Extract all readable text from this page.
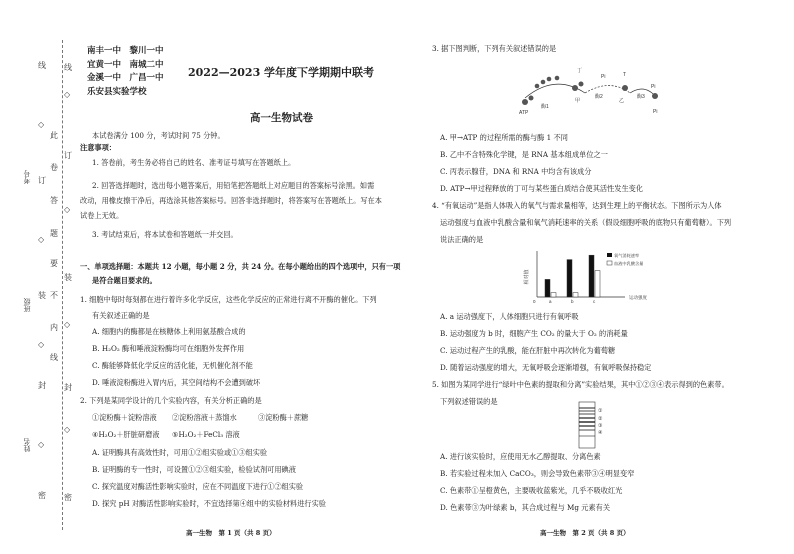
考号
班级
姓名
线
订
装
封
密
◇
◇
◇
◇
◇
◇
◇
◇
线
订
装
封
密
此
卷
答
题
要
不
内
线
南丰一中　黎川一中
宜黄一中　南城二中
金溪一中　广昌一中
乐安县实验学校
2022—2023 学年度下学期期中联考
高一生物试卷
本试卷满分 100 分，考试时间 75 分钟。
注意事项：
1. 答卷前，考生务必将自己的姓名、准考证号填写在答题纸上。
2. 回答选择题时，选出每小题答案后，用铅笔把答题纸上对应题目的答案标号涂黑。如需
改动，用橡皮擦干净后，再选涂其他答案标号。回答非选择题时，将答案写在答题纸上。写在本
试卷上无效。
3. 考试结束后，将本试卷和答题纸一并交回。
一、单项选择题：本题共 12 小题，每小题 2 分，共 24 分。在每小题给出的四个选项中，只有一项
是符合题目要求的。
1. 细胞中每时每刻都在进行着许多化学反应，这些化学反应的正常进行离不开酶的催化。下列
有关叙述正确的是
A. 细胞内的酶都是在核糖体上利用氨基酸合成的
B. H₂O₂ 酶和唾液淀粉酶均可在细胞外发挥作用
C. 酶能够降低化学反应的活化能，无机催化剂不能
D. 唾液淀粉酶进入胃内后，其空间结构不会遭到破坏
2. 下列是某同学设计的几个实验内容，有关分析正确的是
①淀粉酶＋淀粉溶液 ②淀粉溶液＋蒸馏水	③淀粉酶＋蔗糖
④H₂O₂＋肝脏研磨液 ⑤H₂O₂＋FeCl₃ 溶液
A. 证明酶具有高效性时，可用①②组实验或①③组实验
B. 证明酶的专一性时，可设置①②③组实验，检验试剂可用碘液
C. 探究温度对酶活性影响实验时，应在不同温度下进行①②组实验
D. 探究 pH 对酶活性影响实验时，不宜选择第④组中的实验材料进行实验
高一生物　第 1 页（共 8 页）
3. 据下图判断，下列有关叙述错误的是
ATP
酶1
甲
酶2
乙
酶3
丁
T
Pi
Pi
Pi
A. 甲→ATP 的过程所需的酶与酶 1 不同
B. 乙中不含特殊化学键，是 RNA 基本组成单位之一
C. 丙表示腺苷，DNA 和 RNA 中均含有该成分
D. ATP→甲过程释放的丁可与某些蛋白质结合使其活性发生变化
4. “有氧运动”是指人体吸入的氧气与需求量相等，达到生理上的平衡状态。下图所示为人体
运动强度与血液中乳酸含量和氧气消耗速率的关系（假设细胞呼吸的底物只有葡萄糖）。下列
说法正确的是
相对值
运动强度
a	b	c
0
氧气消耗速率
血液中乳酸含量
A. a 运动强度下，人体细胞只进行有氧呼吸
B. 运动强度为 b 时，细胞产生 CO₂ 的量大于 O₂ 的消耗量
C. 运动过程产生的乳酸，能在肝脏中再次转化为葡萄糖
D. 随着运动强度的增大，无氧呼吸会逐渐增强，有氧呼吸保持稳定
5. 如图为某同学进行“绿叶中色素的提取和分离”实验结果，其中①②③④表示得到的色素带。
下列叙述错误的是
①
②
③
④
A. 进行该实验时，应使用无水乙醇提取、分离色素
B. 若实验过程未加入 CaCO₃，则会导致色素带③④明显变窄
C. 色素带①呈橙黄色，主要吸收蓝紫光，几乎不吸收红光
D. 色素带③为叶绿素 b，其合成过程与 Mg 元素有关
高一生物　第 2 页（共 8 页）
